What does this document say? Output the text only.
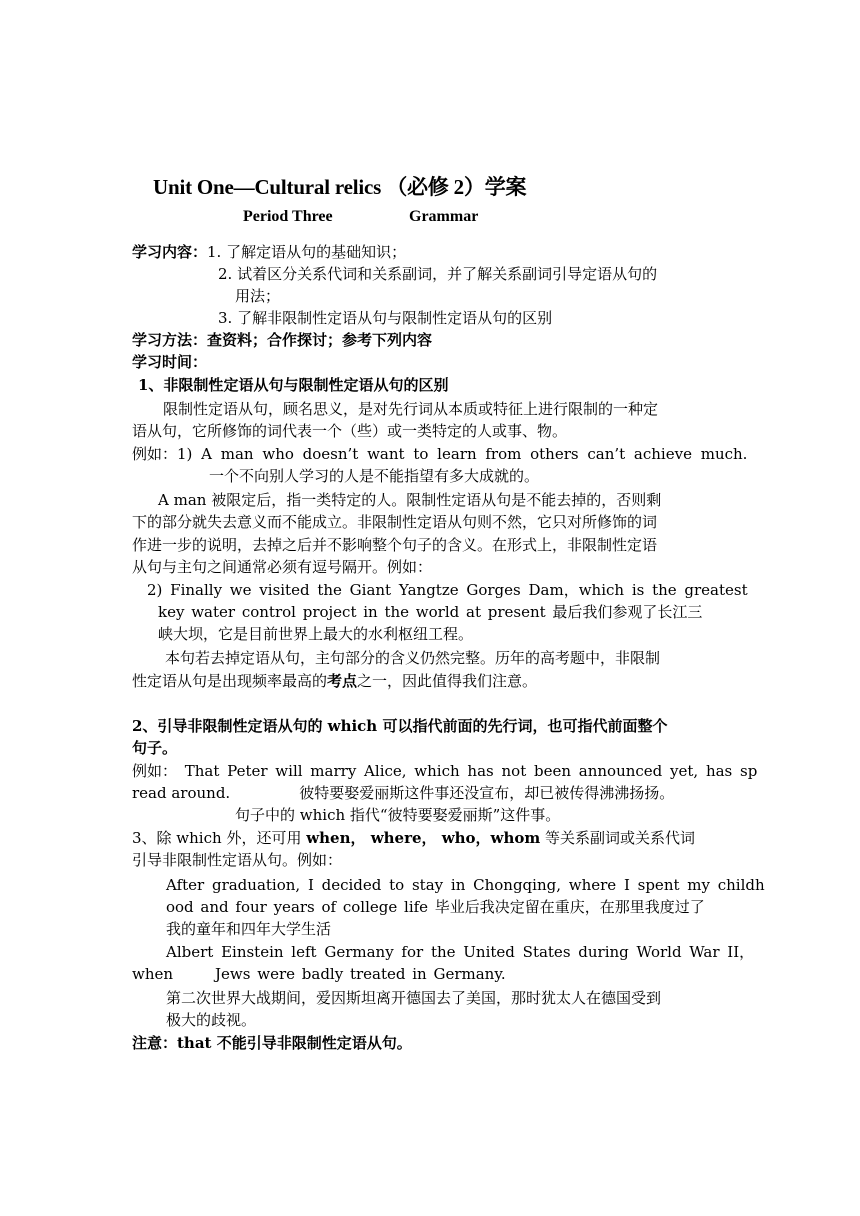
Unit One—Cultural relics （必修 2）学案
Period Three	Grammar
学习内容：1. 了解定语从句的基础知识；
2. 试着区分关系代词和关系副词，并了解关系副词引导定语从句的
用法；
3. 了解非限制性定语从句与限制性定语从句的区别
学习方法：查资料；合作探讨；参考下列内容
学习时间：
1、非限制性定语从句与限制性定语从句的区别
限制性定语从句，顾名思义，是对先行词从本质或特征上进行限制的一种定
语从句，它所修饰的词代表一个（些）或一类特定的人或事、物。
例如：1) A man who doesn’t want to learn from others can’t achieve much.
一个不向别人学习的人是不能指望有多大成就的。
A man 被限定后，指一类特定的人。限制性定语从句是不能去掉的，否则剩
下的部分就失去意义而不能成立。非限制性定语从句则不然，它只对所修饰的词
作进一步的说明，去掉之后并不影响整个句子的含义。在形式上，非限制性定语
从句与主句之间通常必须有逗号隔开。例如：
2) Finally we visited the Giant Yangtze Gorges Dam，which is the greatest
key water control project in the world at present 最后我们参观了长江三
峡大坝，它是目前世界上最大的水利枢纽工程。
本句若去掉定语从句，主句部分的含义仍然完整。历年的高考题中，非限制
性定语从句是出现频率最高的考点之一，因此值得我们注意。
2、引导非限制性定语从句的 which 可以指代前面的先行词，也可指代前面整个
句子。
例如： That Peter will marry Alice, which has not been announced yet, has sp
read around.	彼特要娶爱丽斯这件事还没宣布，却已被传得沸沸扬扬。
句子中的 which 指代“彼特要娶爱丽斯”这件事。
3、除 which 外，还可用 when， where， who，whom 等关系副词或关系代词
引导非限制性定语从句。例如：
After graduation, I decided to stay in Chongqing, where I spent my childh
ood and four years of college life 毕业后我决定留在重庆，在那里我度过了
我的童年和四年大学生活
Albert Einstein left Germany for the United States during World War II，
when	Jews were badly treated in Germany.
第二次世界大战期间，爱因斯坦离开德国去了美国，那时犹太人在德国受到
极大的歧视。
注意：that 不能引导非限制性定语从句。
